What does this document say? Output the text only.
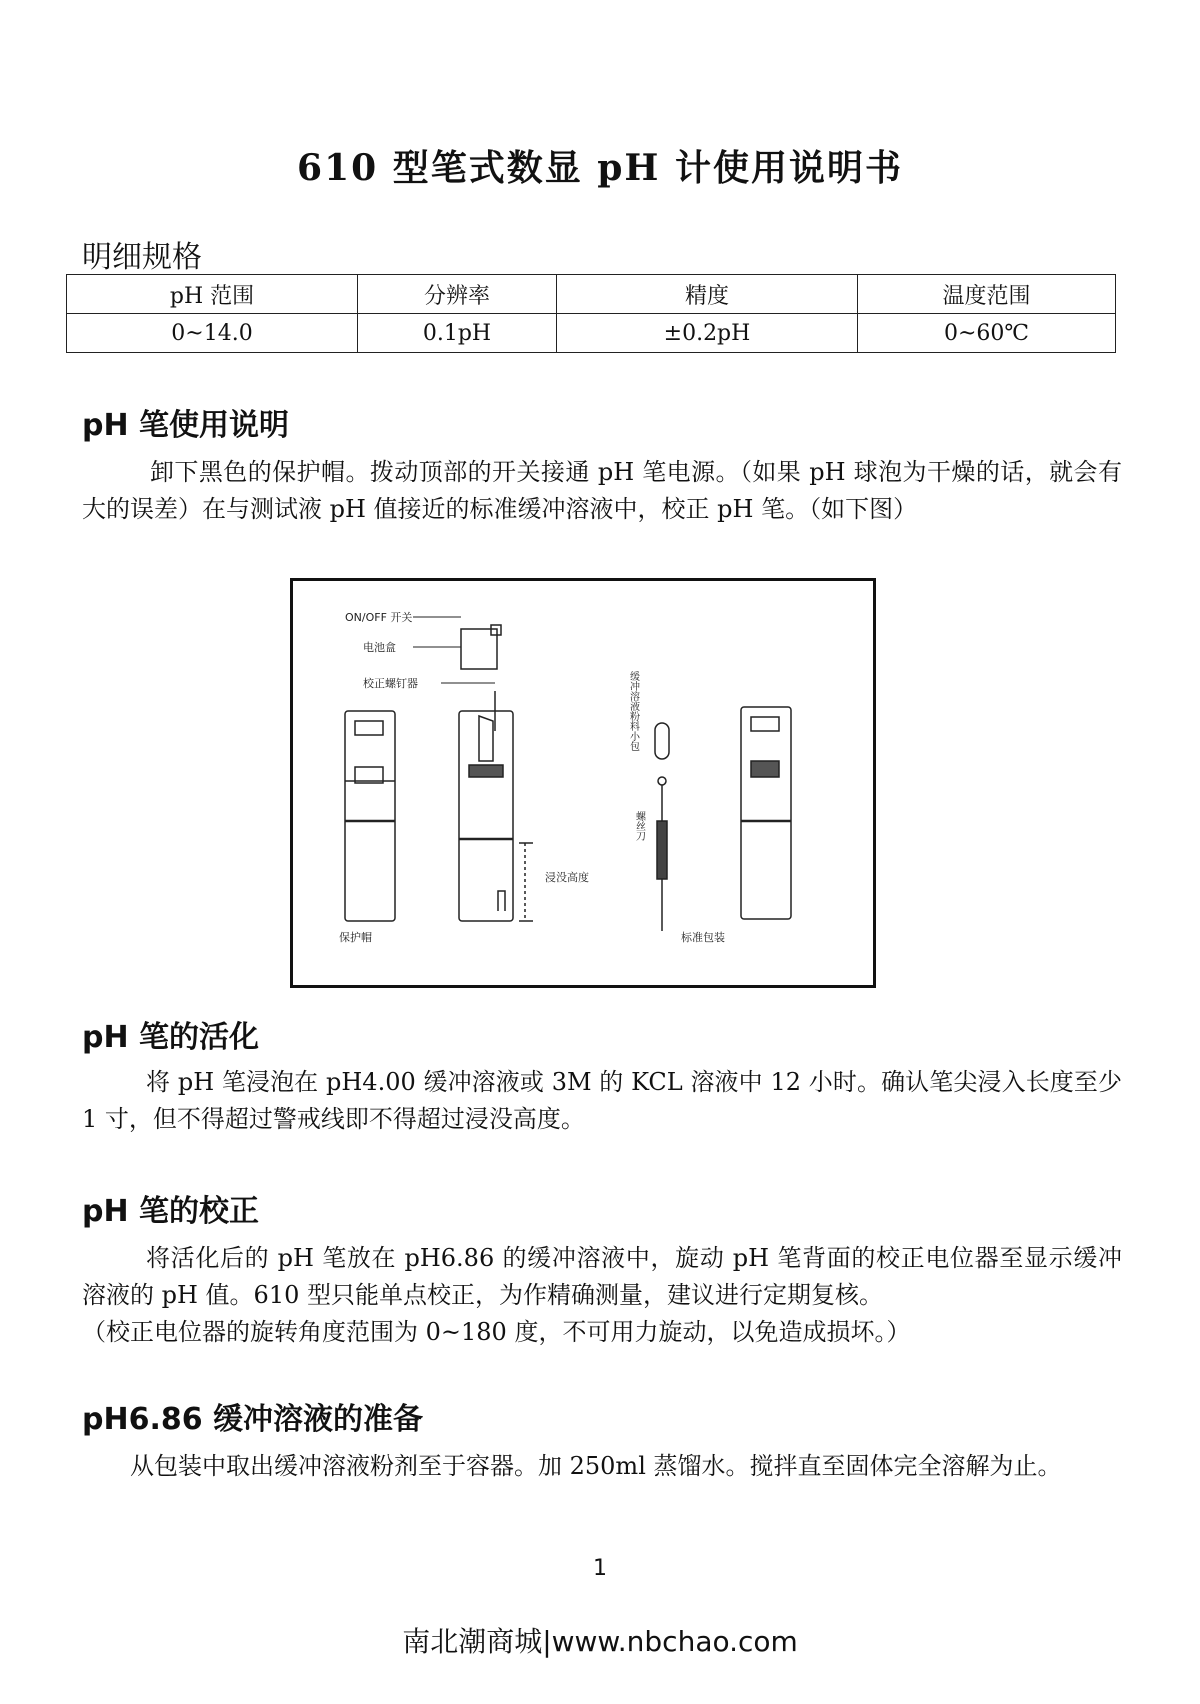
610 型笔式数显 pH 计使用说明书
明细规格
pH 范围	分辨率	精度	温度范围
0~14.0	0.1pH	±0.2pH	0~60℃
pH 笔使用说明
卸下黑色的保护帽。拨动顶部的开关接通 pH 笔电源。（如果 pH 球泡为干燥的话，就会有大的误差）在与测试液 pH 值接近的标准缓冲溶液中，校正 pH 笔。（如下图）
ON/OFF 开关
电池盒
校正螺钉器
保护帽
浸没高度
缓冲溶液粉料小包
螺丝刀
标准包装
pH 笔的活化
将 pH 笔浸泡在 pH4.00 缓冲溶液或 3M 的 KCL 溶液中 12 小时。确认笔尖浸入长度至少 1 寸，但不得超过警戒线即不得超过浸没高度。
pH 笔的校正
将活化后的 pH 笔放在 pH6.86 的缓冲溶液中，旋动 pH 笔背面的校正电位器至显示缓冲溶液的 pH 值。610 型只能单点校正，为作精确测量，建议进行定期复核。
（校正电位器的旋转角度范围为 0~180 度，不可用力旋动，以免造成损坏。）
pH6.86 缓冲溶液的准备
从包装中取出缓冲溶液粉剂至于容器。加 250ml 蒸馏水。搅拌直至固体完全溶解为止。
1
南北潮商城|www.nbchao.com
